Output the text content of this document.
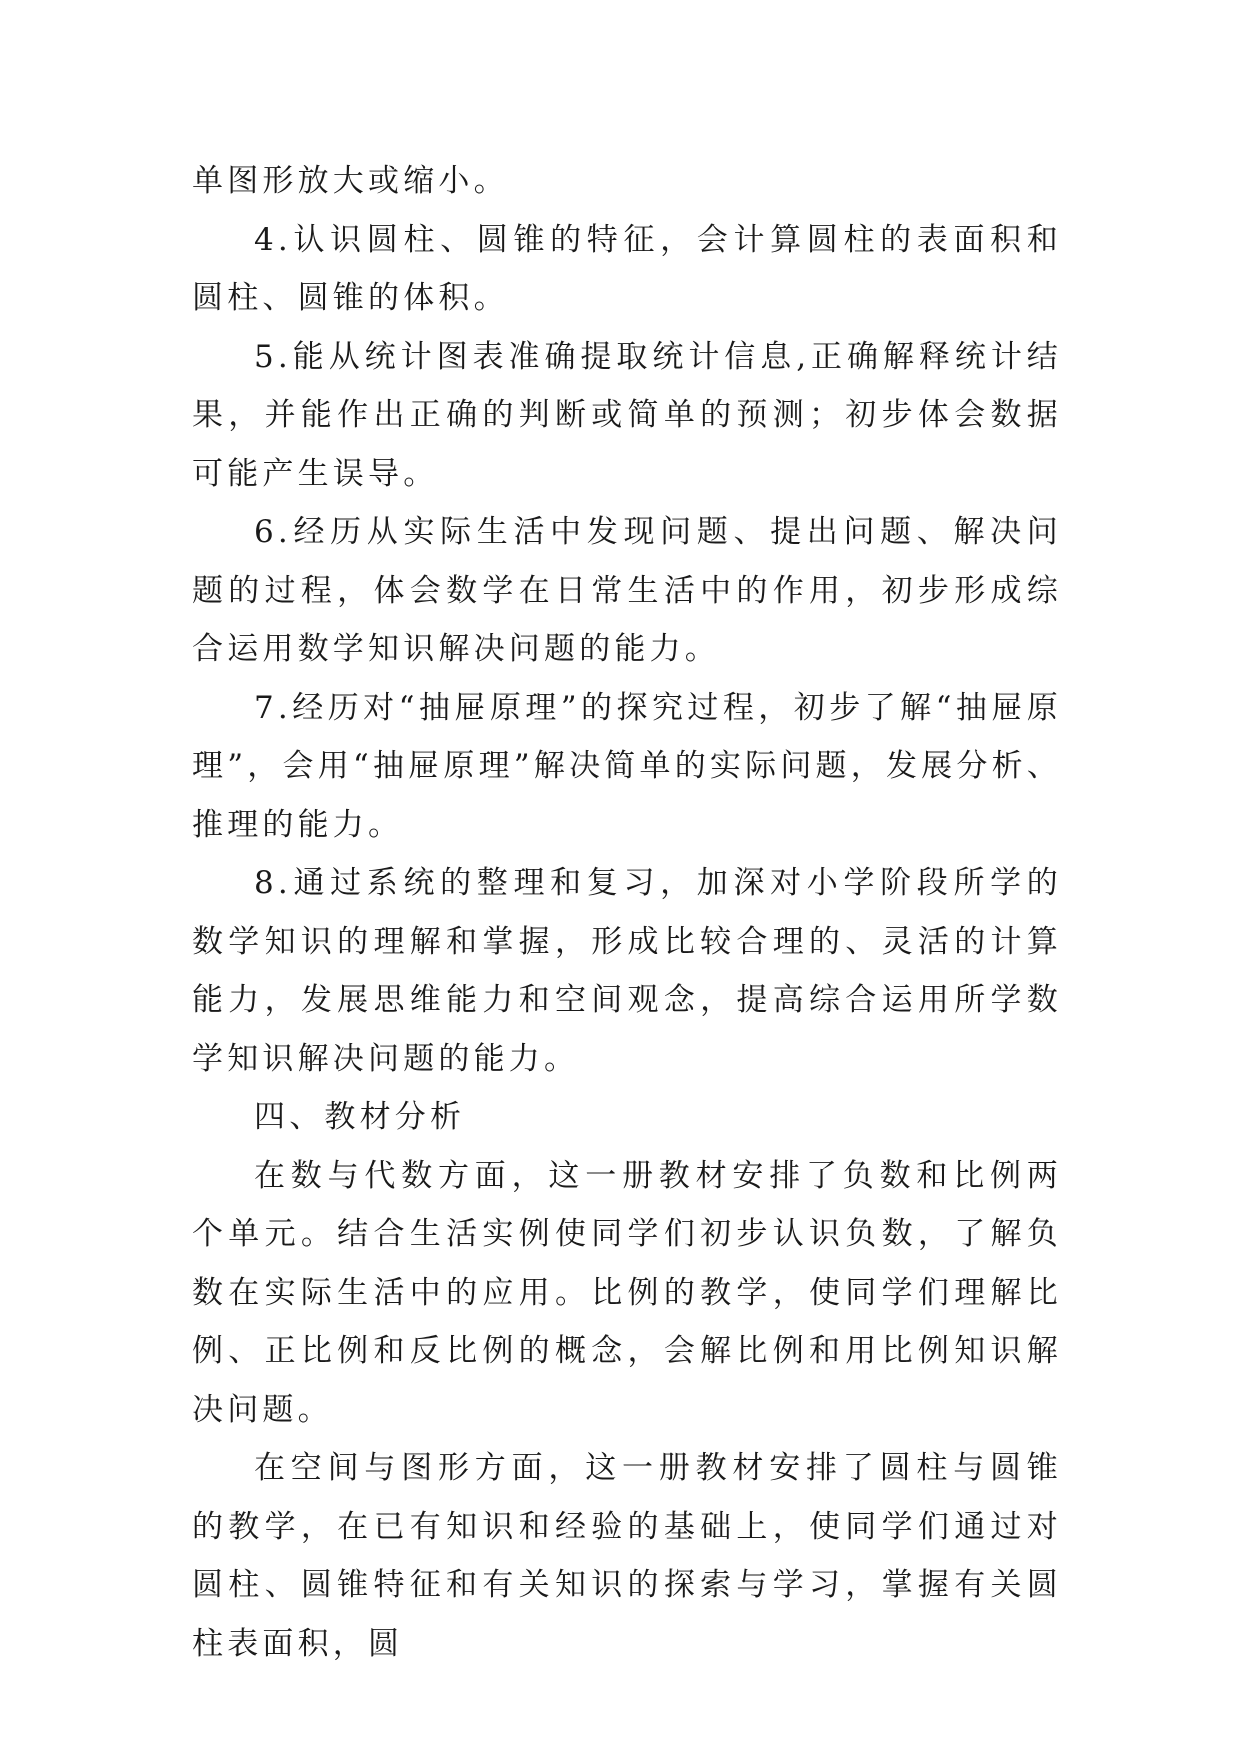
单图形放大或缩小。

4.认识圆柱、圆锥的特征，会计算圆柱的表面积和圆柱、圆锥的体积。

5.能从统计图表准确提取统计信息,正确解释统计结果，并能作出正确的判断或简单的预测；初步体会数据可能产生误导。

6.经历从实际生活中发现问题、提出问题、解决问题的过程，体会数学在日常生活中的作用，初步形成综合运用数学知识解决问题的能力。

7.经历对“抽屉原理”的探究过程，初步了解“抽屉原理”，会用“抽屉原理”解决简单的实际问题，发展分析、推理的能力。

8.通过系统的整理和复习，加深对小学阶段所学的数学知识的理解和掌握，形成比较合理的、灵活的计算能力，发展思维能力和空间观念，提高综合运用所学数学知识解决问题的能力。

四、教材分析

在数与代数方面，这一册教材安排了负数和比例两个单元。结合生活实例使同学们初步认识负数，了解负数在实际生活中的应用。比例的教学，使同学们理解比例、正比例和反比例的概念，会解比例和用比例知识解决问题。

在空间与图形方面，这一册教材安排了圆柱与圆锥的教学，在已有知识和经验的基础上，使同学们通过对圆柱、圆锥特征和有关知识的探索与学习，掌握有关圆柱表面积，圆
